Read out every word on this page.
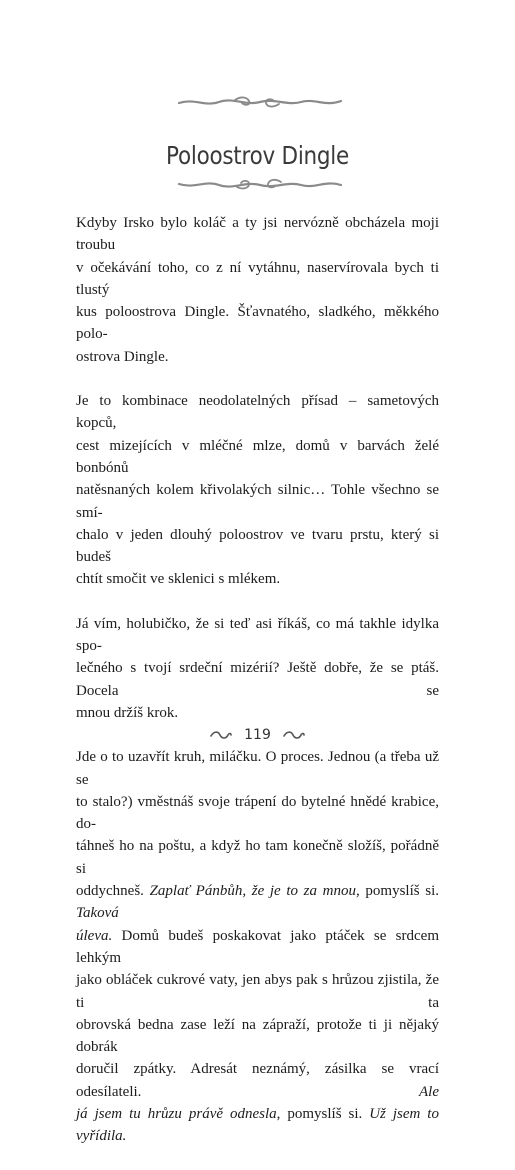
Poloostrov Dingle

Kdyby Irsko bylo koláč a ty jsi nervózně obcházela moji troubu
v očekávání toho, co z ní vytáhnu, naservírovala bych ti tlustý
kus poloostrova Dingle. Šťavnatého, sladkého, měkkého polo-
ostrova Dingle.

Je to kombinace neodolatelných přísad – sametových kopců,
cest mizejících v mléčné mlze, domů v barvách želé bonbónů
natěsnaných kolem křivolakých silnic… Tohle všechno se smí-
chalo v jeden dlouhý poloostrov ve tvaru prstu, který si budeš
chtít smočit ve sklenici s mlékem.

Já vím, holubičko, že si teď asi říkáš, co má takhle idylka spo-
lečného s tvojí srdeční mizérií? Ještě dobře, že se ptáš. Docela se
mnou držíš krok.

Jde o to uzavřít kruh, miláčku. O proces. Jednou (a třeba už se
to stalo?) vměstnáš svoje trápení do bytelné hnědé krabice, do-
táhneš ho na poštu, a když ho tam konečně složíš, pořádně si
oddychneš. Zaplať Pánbůh, že je to za mnou, pomyslíš si. Taková
úleva. Domů budeš poskakovat jako ptáček se srdcem lehkým
jako obláček cukrové vaty, jen abys pak s hrůzou zjistila, že ti ta
obrovská bedna zase leží na zápraží, protože ti ji nějaký dobrák
doručil zpátky. Adresát neznámý, zásilka se vrací odesílateli. Ale
já jsem tu hrůzu právě odnesla, pomyslíš si. Už jsem to vyřídila.

119
